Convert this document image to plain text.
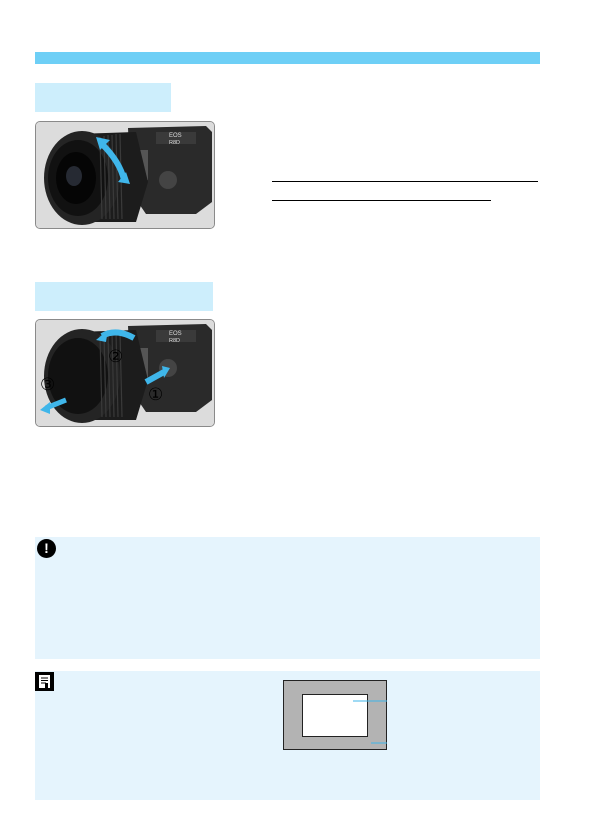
EOS
R8D
EOS
R8D
①
②
③
!
